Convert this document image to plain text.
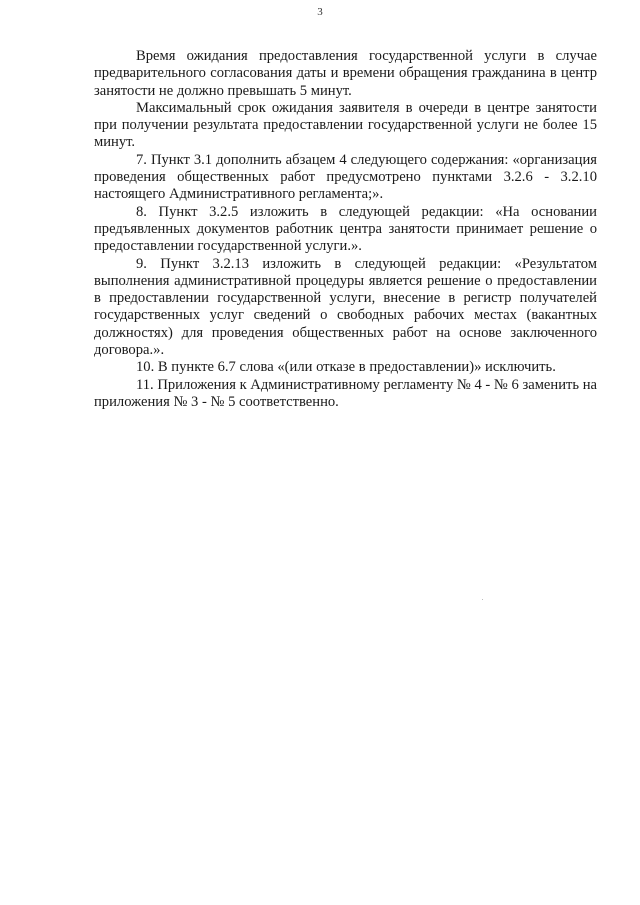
3

Время ожидания предоставления государственной услуги в случае предварительного согласования даты и времени обращения гражданина в центр занятости не должно превышать 5 минут.

Максимальный срок ожидания заявителя в очереди в центре занятости при получении результата предоставлении государственной услуги не более 15 минут.

7. Пункт 3.1 дополнить абзацем 4 следующего содержания: «организация проведения общественных работ предусмотрено пунктами 3.2.6 - 3.2.10 настоящего Административного регламента;».

8. Пункт 3.2.5 изложить в следующей редакции: «На основании предъявленных документов работник центра занятости принимает решение о предоставлении государственной услуги.».

9. Пункт 3.2.13 изложить в следующей редакции: «Результатом выполнения административной процедуры является решение о предоставлении в предоставлении государственной услуги, внесение в регистр получателей государственных услуг сведений о свободных рабочих местах (вакантных должностях) для проведения общественных работ на основе заключенного договора.».

10. В пункте 6.7 слова «(или отказе в предоставлении)» исключить.

11. Приложения к Административному регламенту № 4 - № 6 заменить на приложения № 3 - № 5 соответственно.
